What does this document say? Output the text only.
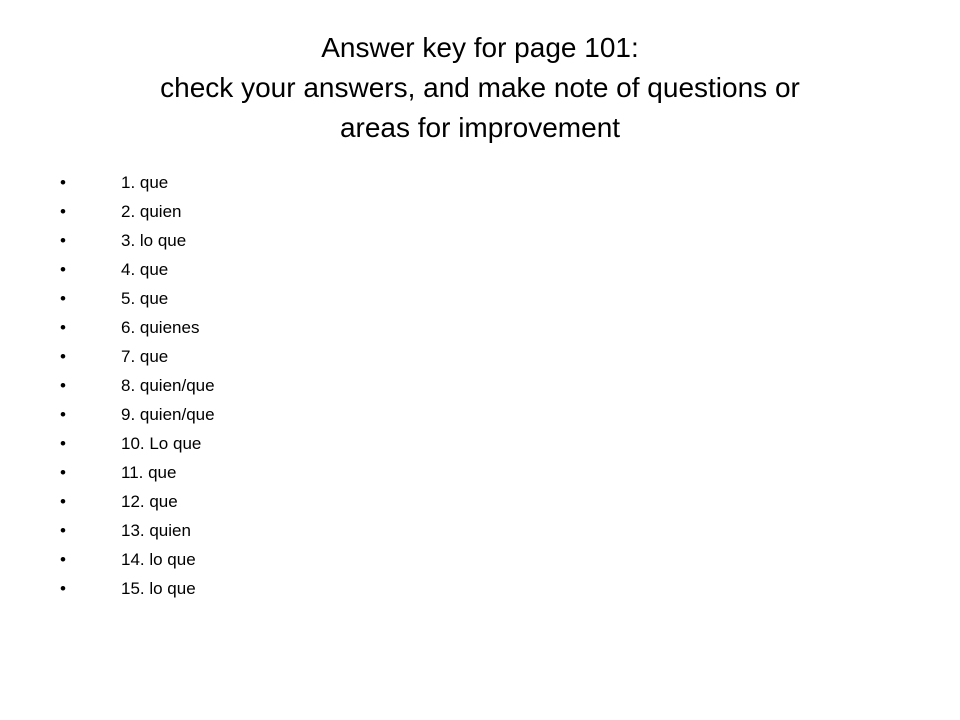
Answer key for page 101:
check your answers, and make note of questions or
areas for improvement
•	1. que
•	2. quien
•	3. lo que
•	4. que
•	5. que
•	6. quienes
•	7. que
•	8. quien/que
•	9. quien/que
•	10. Lo que
•	11. que
•	12. que
•	13. quien
•	14. lo que
•	15. lo que
